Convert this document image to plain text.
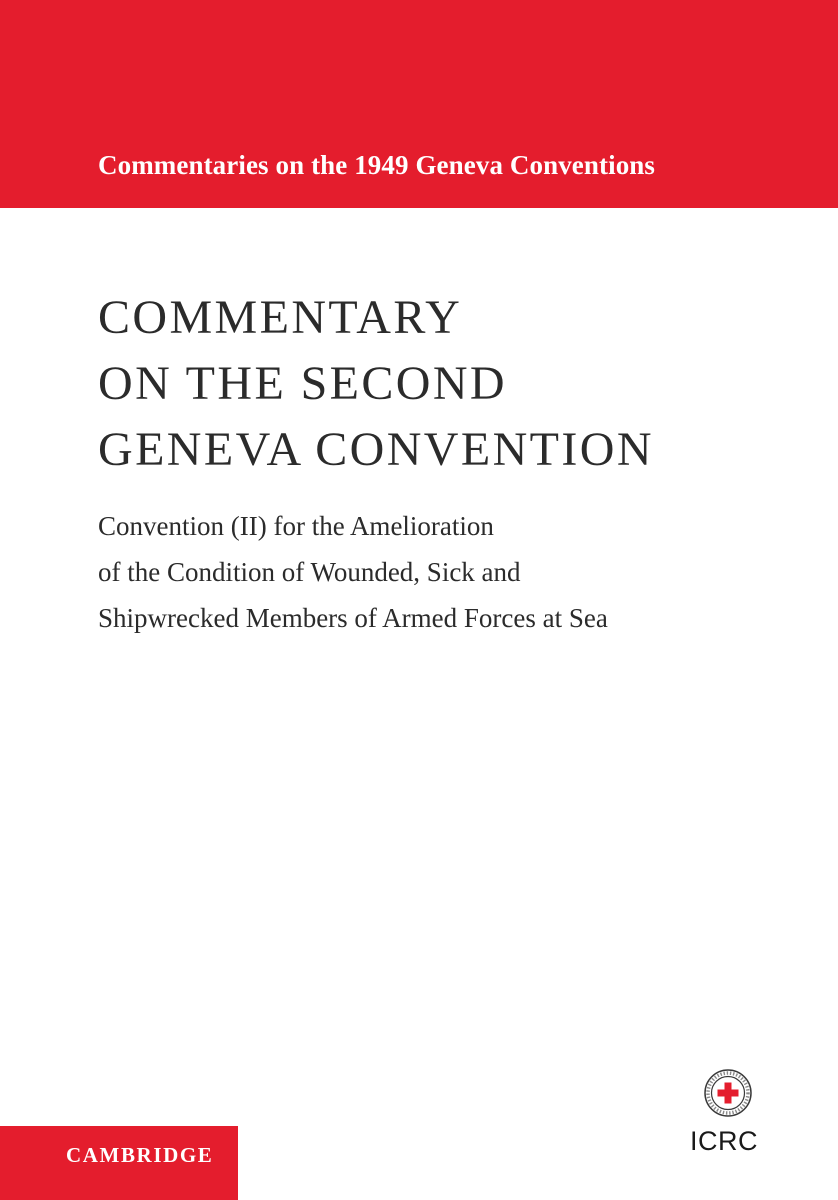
Commentaries on the 1949 Geneva Conventions

COMMENTARY
ON THE SECOND
GENEVA CONVENTION

Convention (II) for the Amelioration
of the Condition of Wounded, Sick and
Shipwrecked Members of Armed Forces at Sea

CAMBRIDGE	ICRC
